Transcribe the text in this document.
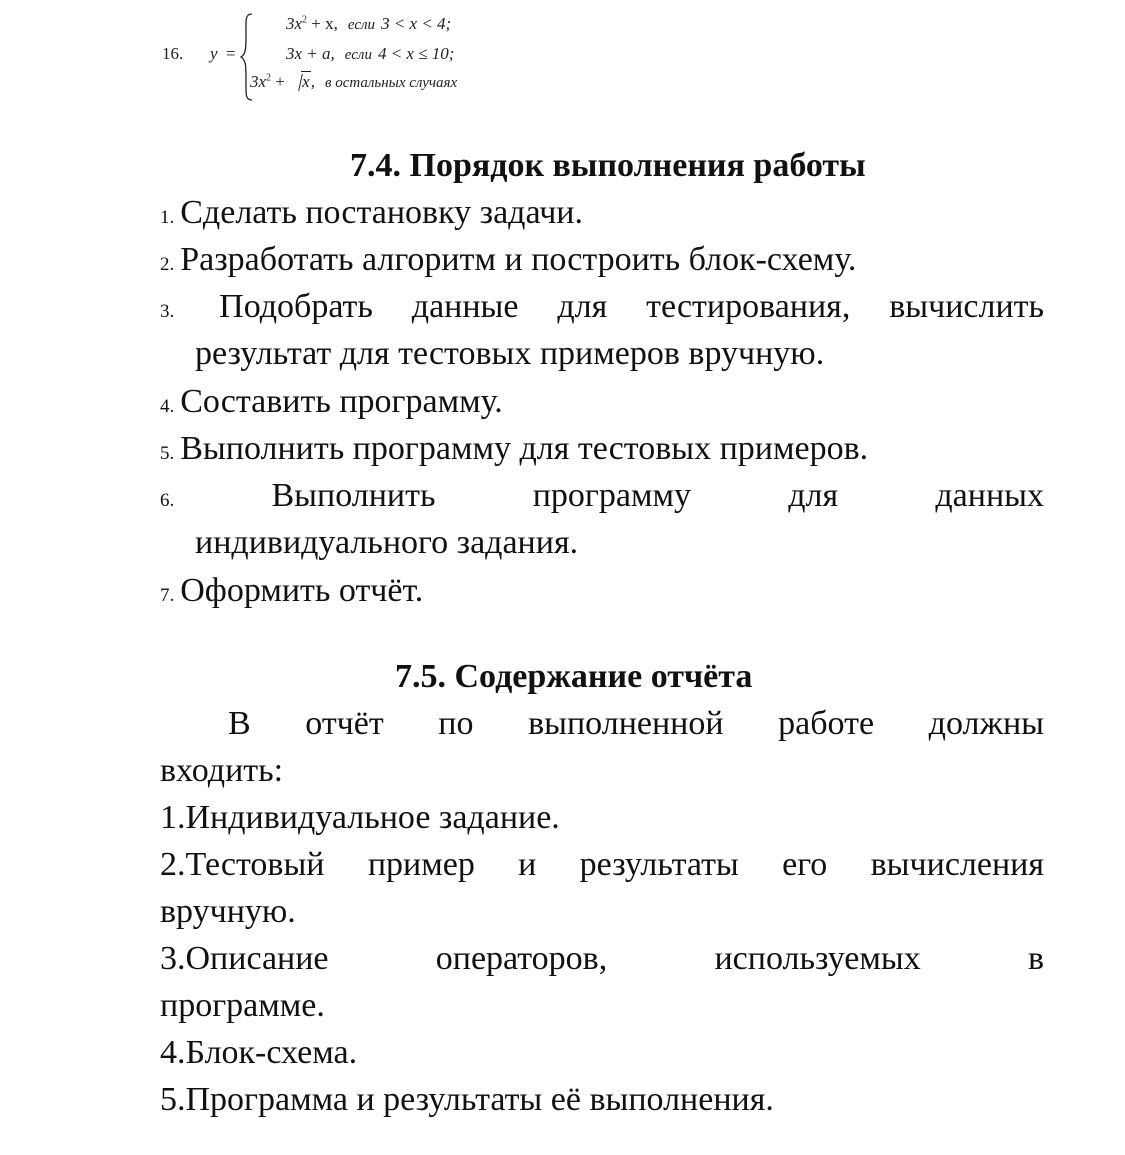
16. y =
$3x^2 + x$, если 3 < x < 4;
3x + a, если 4 < x ≤ 10;
$3x^2 + x$, в остальных случаях
7.4. Порядок выполнения работы
1. Сделать постановку задачи.
2. Разработать алгоритм и построить блок-схему.
3. Подобрать данные для тестирования, вычислить
результат для тестовых примеров вручную.
4. Составить программу.
5. Выполнить программу для тестовых примеров.
6.	Выполнить программу для данных
индивидуального задания.
7. Оформить отчёт.
7.5. Содержание отчёта
В отчёт по выполненной работе должны
входить:
1.Индивидуальное задание.
2.Тестовый пример и результаты его вычисления
вручную.
3.Описание операторов, используемых в
программе.
4.Блок-схема.
5.Программа и результаты её выполнения.
